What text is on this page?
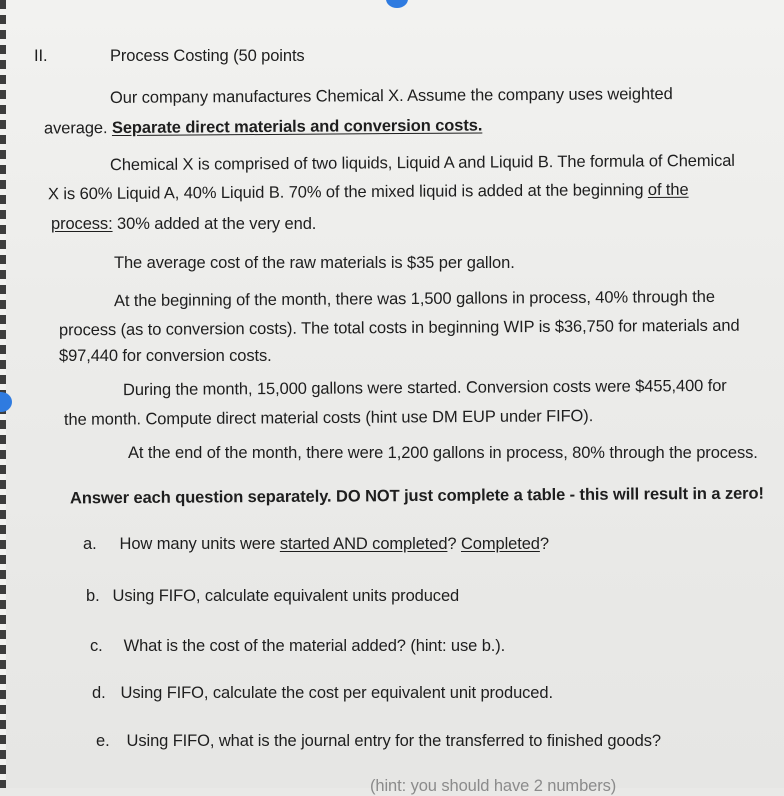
II.	Process Costing (50 points
Our company manufactures Chemical X. Assume the company uses weighted
average. Separate direct materials and conversion costs.
Chemical X is comprised of two liquids, Liquid A and Liquid B. The formula of Chemical
X is 60% Liquid A, 40% Liquid B. 70% of the mixed liquid is added at the beginning of the
process: 30% added at the very end.
The average cost of the raw materials is $35 per gallon.
At the beginning of the month, there was 1,500 gallons in process, 40% through the
process (as to conversion costs). The total costs in beginning WIP is $36,750 for materials and
$97,440 for conversion costs.
During the month, 15,000 gallons were started. Conversion costs were $455,400 for
the month. Compute direct material costs (hint use DM EUP under FIFO).
At the end of the month, there were 1,200 gallons in process, 80% through the process.
Answer each question separately. DO NOT just complete a table - this will result in a zero!
a. How many units were started AND completed? Completed?
b. Using FIFO, calculate equivalent units produced
c. What is the cost of the material added? (hint: use b.).
d. Using FIFO, calculate the cost per equivalent unit produced.
e. Using FIFO, what is the journal entry for the transferred to finished goods?
(hint: you should have 2 numbers)
